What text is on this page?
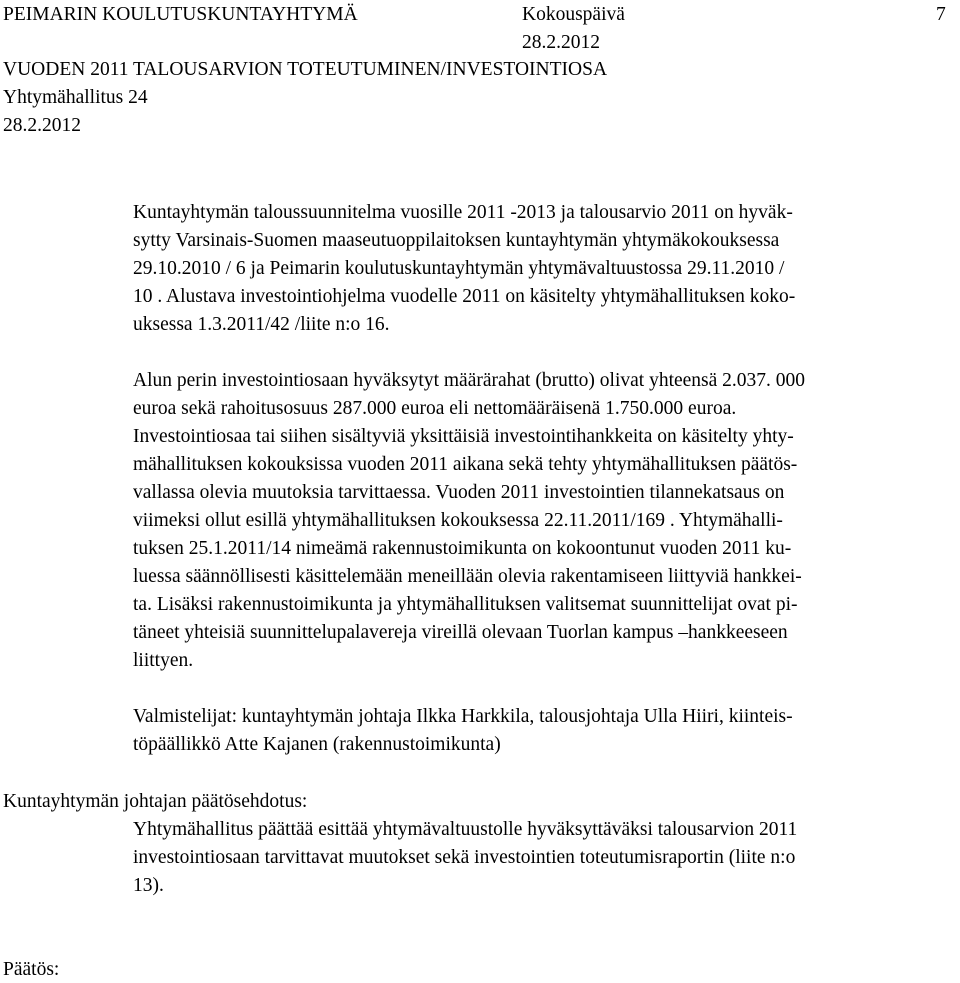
PEIMARIN KOULUTUSKUNTAYHTYMÄ	Kokouspäivä	7
28.2.2012
VUODEN 2011 TALOUSARVION TOTEUTUMINEN/INVESTOINTIOSA
Yhtymähallitus 24
28.2.2012
Kuntayhtymän taloussuunnitelma vuosille 2011 -2013 ja talousarvio 2011 on hyväk-
sytty Varsinais-Suomen maaseutuoppilaitoksen kuntayhtymän yhtymäkokouksessa
29.10.2010 / 6 ja Peimarin koulutuskuntayhtymän yhtymävaltuustossa 29.11.2010 /
10 . Alustava investointiohjelma vuodelle 2011 on käsitelty yhtymähallituksen koko-
uksessa 1.3.2011/42 /liite n:o 16.
Alun perin investointiosaan hyväksytyt määrärahat (brutto) olivat yhteensä 2.037. 000
euroa sekä rahoitusosuus 287.000 euroa eli nettomääräisenä 1.750.000 euroa.
Investointiosaa tai siihen sisältyviä yksittäisiä investointihankkeita on käsitelty yhty-
mähallituksen kokouksissa vuoden 2011 aikana sekä tehty yhtymähallituksen päätös-
vallassa olevia muutoksia tarvittaessa. Vuoden 2011 investointien tilannekatsaus on
viimeksi ollut esillä yhtymähallituksen kokouksessa 22.11.2011/169 . Yhtymähalli-
tuksen 25.1.2011/14 nimeämä rakennustoimikunta on kokoontunut vuoden 2011 ku-
luessa säännöllisesti käsittelemään meneillään olevia rakentamiseen liittyviä hankkei-
ta. Lisäksi rakennustoimikunta ja yhtymähallituksen valitsemat suunnittelijat ovat pi-
täneet yhteisiä suunnittelupalavereja vireillä olevaan Tuorlan kampus –hankkeeseen
liittyen.
Valmistelijat: kuntayhtymän johtaja Ilkka Harkkila, talousjohtaja Ulla Hiiri, kiinteis-
töpäällikkö Atte Kajanen (rakennustoimikunta)
Kuntayhtymän johtajan päätösehdotus:
Yhtymähallitus päättää esittää yhtymävaltuustolle hyväksyttäväksi talousarvion 2011
investointiosaan tarvittavat muutokset sekä investointien toteutumisraportin (liite n:o
13).
Päätös:
